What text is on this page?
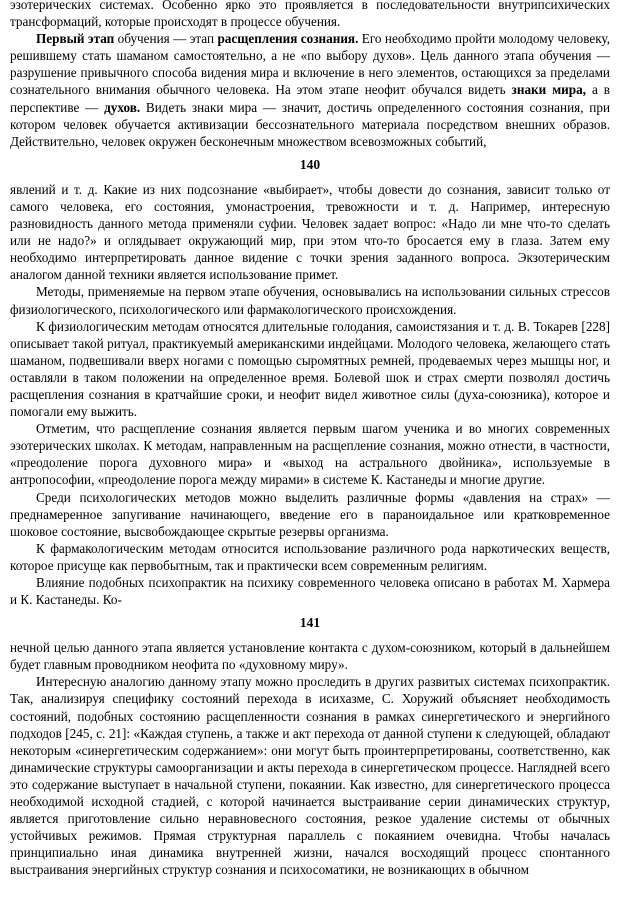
эзотерических системах. Особенно ярко это проявляется в последовательности внутрипсихических трансформаций, которые происходят в процессе обучения.

Первый этап обучения — этап расщепления сознания. Его необходимо пройти молодому человеку, решившему стать шаманом самостоятельно, а не «по выбору духов». Цель данного этапа обучения — разрушение привычного способа видения мира и включение в него элементов, остающихся за пределами сознательного внимания обычного человека. На этом этапе неофит обучался видеть знаки мира, а в перспективе — духов. Видеть знаки мира — значит, достичь определенного состояния сознания, при котором человек обучается активизации бессознательного материала посредством внешних образов. Действительно, человек окружен бесконечным множеством всевозможных событий,

140

явлений и т. д. Какие из них подсознание «выбирает», чтобы довести до сознания, зависит только от самого человека, его состояния, умонастроения, тревожности и т. д. Например, интересную разновидность данного метода применяли суфии. Человек задает вопрос: «Надо ли мне что-то сделать или не надо?» и оглядывает окружающий мир, при этом что-то бросается ему в глаза. Затем ему необходимо интерпретировать данное видение с точки зрения заданного вопроса. Экзотерическим аналогом данной техники является использование примет.

Методы, применяемые на первом этапе обучения, основывались на использовании сильных стрессов физиологического, психологического или фармакологического происхождения.

К физиологическим методам относятся длительные голодания, самоистязания и т. д. В. Токарев [228] описывает такой ритуал, практикуемый американскими индейцами. Молодого человека, желающего стать шаманом, подвешивали вверх ногами с помощью сыромятных ремней, продеваемых через мышцы ног, и оставляли в таком положении на определенное время. Болевой шок и страх смерти позволял достичь расщепления сознания в кратчайшие сроки, и неофит видел животное силы (духа-союзника), которое и помогали ему выжить.

Отметим, что расщепление сознания является первым шагом ученика и во многих современных эзотерических школах. К методам, направленным на расщепление сознания, можно отнести, в частности, «преодоление порога духовного мира» и «выход на астрального двойника», используемые в антропософии, «преодоление порога между мирами» в системе К. Кастанеды и многие другие.

Среди психологических методов можно выделить различные формы «давления на страх» — преднамеренное запугивание начинающего, введение его в параноидальное или кратковременное шоковое состояние, высвобождающее скрытые резервы организма.

К фармакологическим методам относится использование различного рода наркотических веществ, которое присуще как первобытным, так и практически всем современным религиям.

Влияние подобных психопрактик на психику современного человека описано в работах М. Хармера и К. Кастанеды. Ко-

141

нечной целью данного этапа является установление контакта с духом-союзником, который в дальнейшем будет главным проводником неофита по «духовному миру».

Интересную аналогию данному этапу можно проследить в других развитых системах психопрактик. Так, анализируя специфику состояний перехода в исихазме, С. Хоружий объясняет необходимость состояний, подобных состоянию расщепленности сознания в рамках синергетического и энергийного подходов [245, с. 21]: «Каждая ступень, а также и акт перехода от данной ступени к следующей, обладают некоторым «синергетическим содержанием»: они могут быть проинтерпретированы, соответственно, как динамические структуры самоорганизации и акты перехода в синергетическом процессе. Наглядней всего это содержание выступает в начальной ступени, покаянии. Как известно, для синергетического процесса необходимой исходной стадией, с которой начинается выстраивание серии динамических структур, является приготовление сильно неравновесного состояния, резкое удаление системы от обычных устойчивых режимов. Прямая структурная параллель с покаянием очевидна. Чтобы началась принципиально иная динамика внутренней жизни, начался восходящий процесс спонтанного выстраивания энергийных структур сознания и психосоматики, не возникающих в обычном
